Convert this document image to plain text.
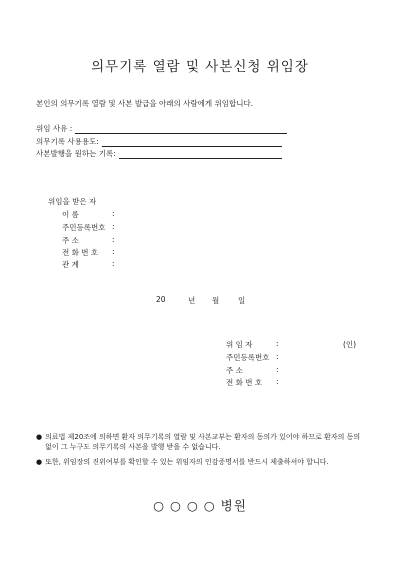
의무기록 열람 및 사본신청 위임장
본인의 의무기록 열람 및 사본 발급을 아래의 사람에게 위임합니다.
위임 사유 :
의무기록 사용용도:
사본발행을 원하는 기록:
위임을 받은 자
이 름	:
주민등록번호 :
주 소	:
전 화 번 호	:
관 계	:
20	년 월	일
위 임 자	:	(인)
주민등록번호 :
주 소	:
전 화 번 호	:
● 의료법 제20조에 의하면 환자 의무기록의 열람 및 사본교부는 환자의 동의가 있어야 하므로 환자의 동의 없이 그 누구도 의무기록의 사본을 발행 받을 수 없습니다.
● 또한, 위임장의 진위여부를 확인할 수 있는 위임자의 인감증명서를 반드시 제출하셔야 합니다.
○ ○ ○ ○ 병원
